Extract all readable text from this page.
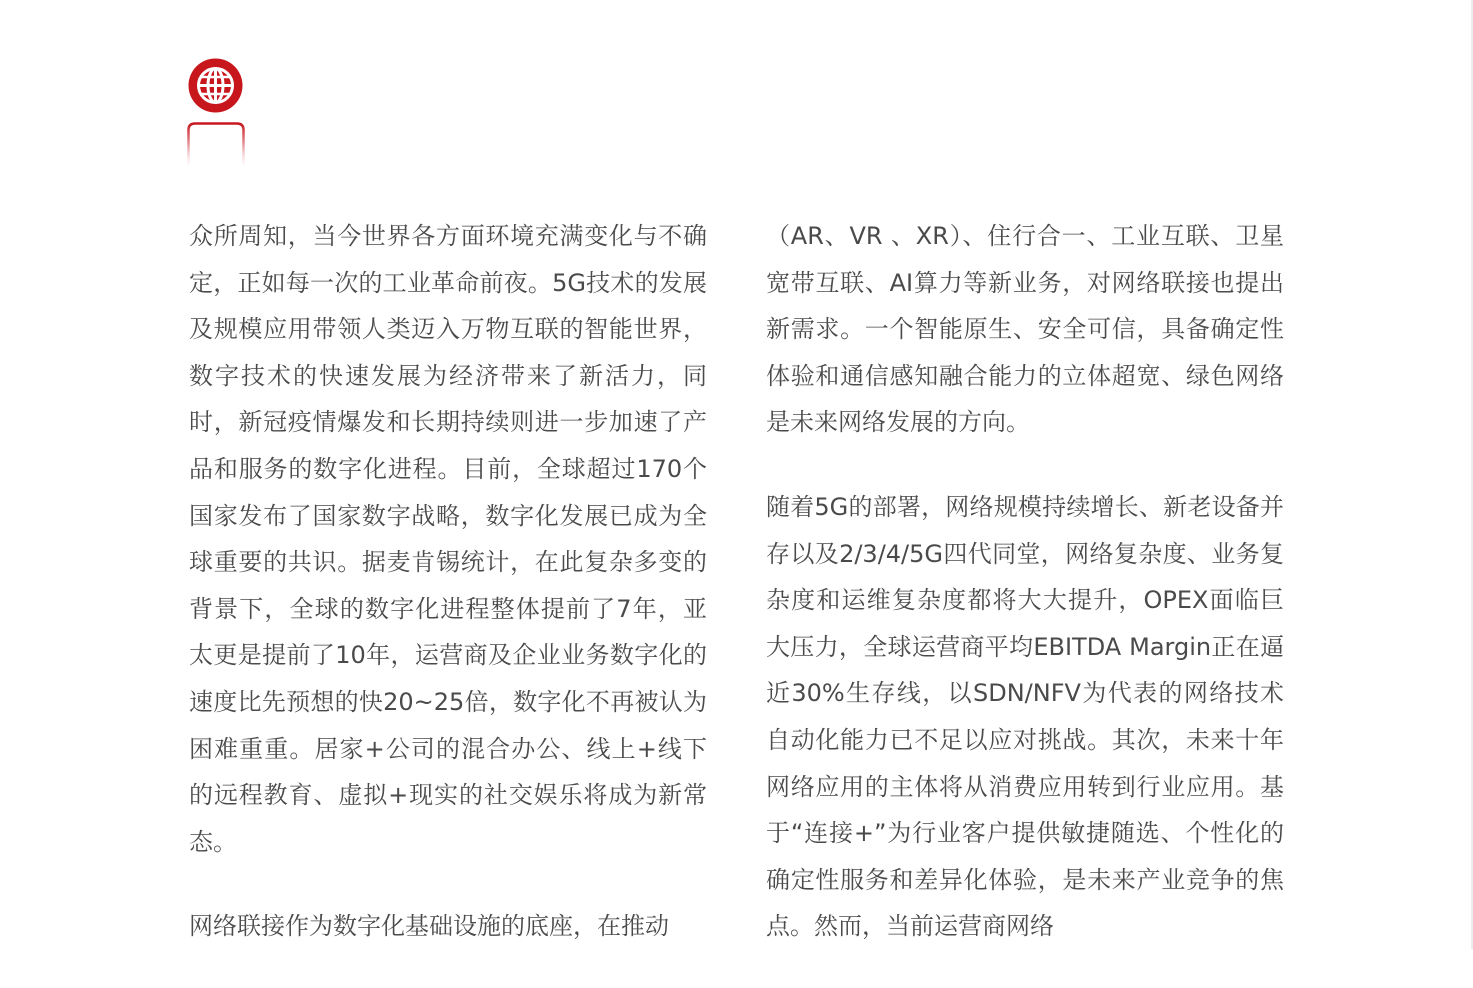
众所周知，当今世界各方面环境充满变化与不确定，正如每一次的工业革命前夜。5G技术的发展及规模应用带领人类迈入万物互联的智能世界，数字技术的快速发展为经济带来了新活力，同时，新冠疫情爆发和长期持续则进一步加速了产品和服务的数字化进程。目前，全球超过170个国家发布了国家数字战略，数字化发展已成为全球重要的共识。据麦肯锡统计，在此复杂多变的背景下，全球的数字化进程整体提前了7年，亚太更是提前了10年，运营商及企业业务数字化的速度比先预想的快20~25倍，数字化不再被认为困难重重。居家+公司的混合办公、线上+线下的远程教育、虚拟+现实的社交娱乐将成为新常态。

网络联接作为数字化基础设施的底座，在推动

（AR、VR 、XR）、住行合一、工业互联、卫星宽带互联、AI算力等新业务，对网络联接也提出新需求。一个智能原生、安全可信，具备确定性体验和通信感知融合能力的立体超宽、绿色网络是未来网络发展的方向。

随着5G的部署，网络规模持续增长、新老设备并存以及2/3/4/5G四代同堂，网络复杂度、业务复杂度和运维复杂度都将大大提升，OPEX面临巨大压力，全球运营商平均EBITDA Margin正在逼近30%生存线，以SDN/NFV为代表的网络技术自动化能力已不足以应对挑战。其次，未来十年网络应用的主体将从消费应用转到行业应用。基于“连接+”为行业客户提供敏捷随选、个性化的确定性服务和差异化体验，是未来产业竞争的焦点。然而，当前运营商网络
